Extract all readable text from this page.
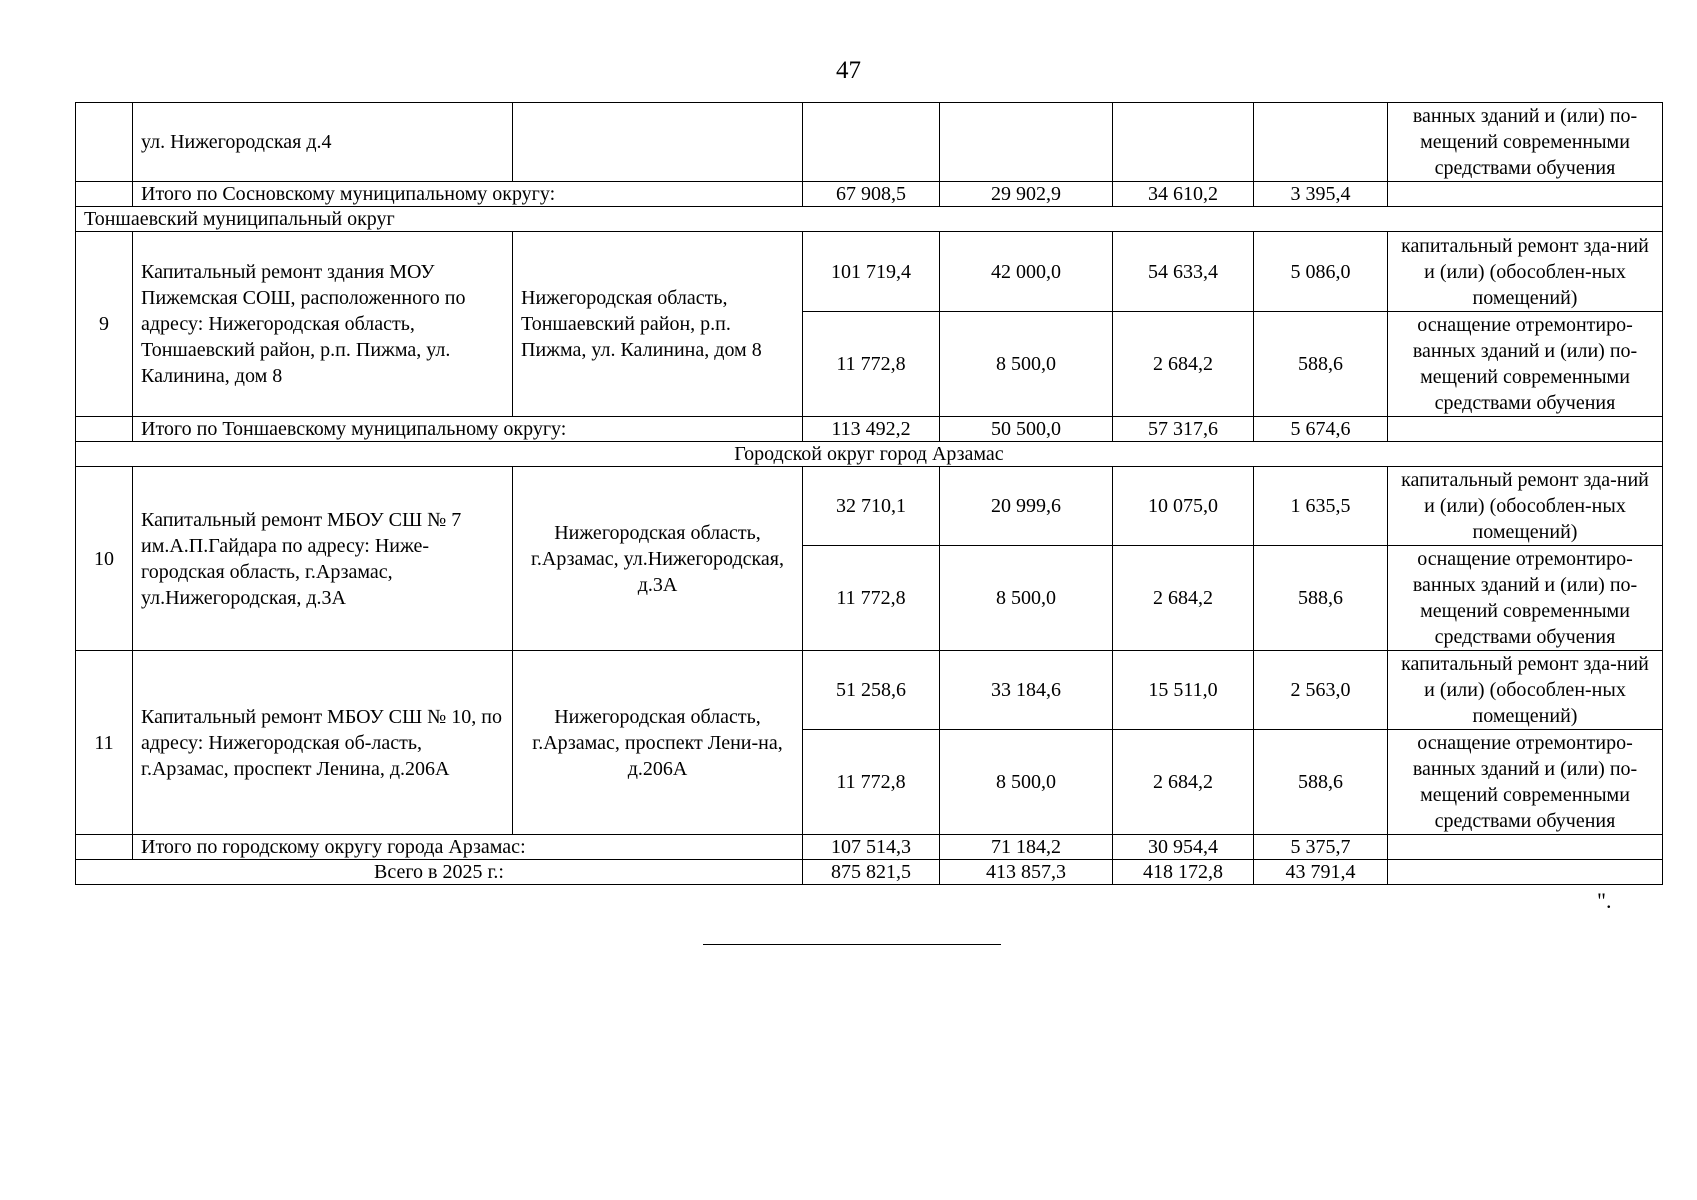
47
	ул. Нижегородская д.4						ванных зданий и (или) по-мещений современными средствами обучения
	Итого по Сосновскому муниципальному округу:		67 908,5	29 902,9	34 610,2	3 395,4	
Тоншаевский муниципальный округ							
9	Капитальный ремонт здания МОУ Пижемская СОШ, расположенного по адресу: Нижегородская область, Тоншаевский район, р.п. Пижма, ул. Калинина, дом 8	Нижегородская область, Тоншаевский район, р.п. Пижма, ул. Калинина, дом 8	101 719,4	42 000,0	54 633,4	5 086,0	капитальный ремонт зда-ний и (или) (обособлен-ных помещений)
			11 772,8	8 500,0	2 684,2	588,6	оснащение отремонтиро-ванных зданий и (или) по-мещений современными средствами обучения
	Итого по Тоншаевскому муниципальному округу:		113 492,2	50 500,0	57 317,6	5 674,6	
Городской округ город Арзамас							
10	Капитальный ремонт МБОУ СШ № 7 им.А.П.Гайдара по адресу: Ниже-городская область, г.Арзамас, ул.Нижегородская, д.3А	Нижегородская область, г.Арзамас, ул.Нижегородская, д.3А	32 710,1	20 999,6	10 075,0	1 635,5	капитальный ремонт зда-ний и (или) (обособлен-ных помещений)
			11 772,8	8 500,0	2 684,2	588,6	оснащение отремонтиро-ванных зданий и (или) по-мещений современными средствами обучения
11	Капитальный ремонт МБОУ СШ № 10, по адресу: Нижегородская об-ласть, г.Арзамас, проспект Ленина, д.206А	Нижегородская область, г.Арзамас, проспект Лени-на, д.206А	51 258,6	33 184,6	15 511,0	2 563,0	капитальный ремонт зда-ний и (или) (обособлен-ных помещений)
			11 772,8	8 500,0	2 684,2	588,6	оснащение отремонтиро-ванных зданий и (или) по-мещений современными средствами обучения
	Итого по городскому округу города Арзамас:		107 514,3	71 184,2	30 954,4	5 375,7	
Всего в 2025 г.:			875 821,5	413 857,3	418 172,8	43 791,4	
".
